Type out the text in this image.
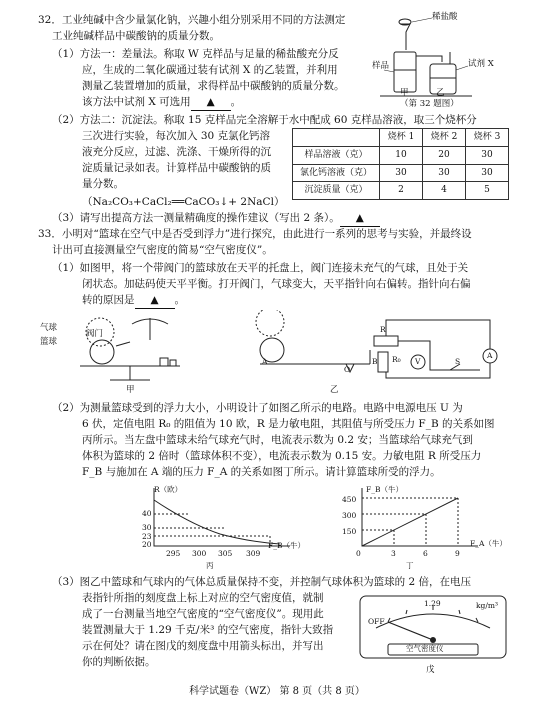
32．工业纯碱中含少量氯化钠，兴趣小组分别采用不同的方法测定
工业纯碱样品中碳酸钠的质量分数。
（1）方法一：差量法。称取 W 克样品与足量的稀盐酸充分反
应，生成的二氧化碳通过装有试剂 X 的乙装置，并利用
测量乙装置增加的质量，求得样品中碳酸钠的质量分数。
该方法中试剂 X 可选用 ▲ 。
稀盐酸
试剂 X
样品
甲	乙
（第 32 题图）
（2）方法二：沉淀法。称取 15 克样品完全溶解于水中配成 60 克样品溶液，取三个烧杯分
三次进行实验，每次加入 30 克氯化钙溶
液充分反应，过滤、洗涤、干燥所得的沉
淀质量记录如表。计算样品中碳酸钠的质
量分数。
（Na₂CO₃+CaCl₂══CaCO₃↓+ 2NaCl）
	烧杯 1	烧杯 2	烧杯 3
样品溶液（克）	10	20	30
氯化钙溶液（克）	30	30	30
沉淀质量（克）	2	4	5
（3）请写出提高方法一测量精确度的操作建议（写出 2 条）。 ▲
33．小明对“篮球在空气中是否受到浮力”进行探究，由此进行一系列的思考与实验，并最终设
计出可直接测量空气密度的简易“空气密度仪”。
（1）如图甲，将一个带阀门的篮球放在天平的托盘上，阀门连接未充气的气球，且处于关
闭状态。加砝码使天平平衡。打开阀门，气球变大，天平指针向右偏转。指针向右偏
转的原因是 ▲ 。
气球
阀门
篮球
甲	乙
R
R₀ V
A
S
O
A	B
（2）为测量篮球受到的浮力大小，小明设计了如图乙所示的电路。电路中电源电压 U 为
6 伏，定值电阻 R₀ 的阻值为 10 欧，R 是力敏电阻，其阻值与所受压力 F_B 的关系如图
丙所示。当左盘中篮球未给气球充气时，电流表示数为 0.2 安；当篮球给气球充气到
体积为篮球的 2 倍时（篮球体积不变），电流表示数为 0.15 安。力敏电阻 R 所受压力
F_B 与施加在 A 端的压力 F_A 的关系如图丁所示。请计算篮球所受的浮力。
R（欧）
40
30
23
20
295 300 305 309
F_B（牛）
丙
F_B（牛）
450
300
150
0	3	6	9
F_A（牛）
丁
（3）图乙中篮球和气球内的气体总质量保持不变，并控制气球体积为篮球的 2 倍，在电压
表指针所指的刻度盘上标上对应的空气密度值，就制
成了一台测量当地空气密度的“空气密度仪”。现用此
装置测量大于 1.29 千克/米³ 的空气密度，指针大致指
示在何处？请在图戊的刻度盘中用箭头标出，并写出
你的判断依据。
1.29	kg/m³
OFF
空气密度仪
戊
科学试题卷（WZ） 第 8 页（共 8 页）
